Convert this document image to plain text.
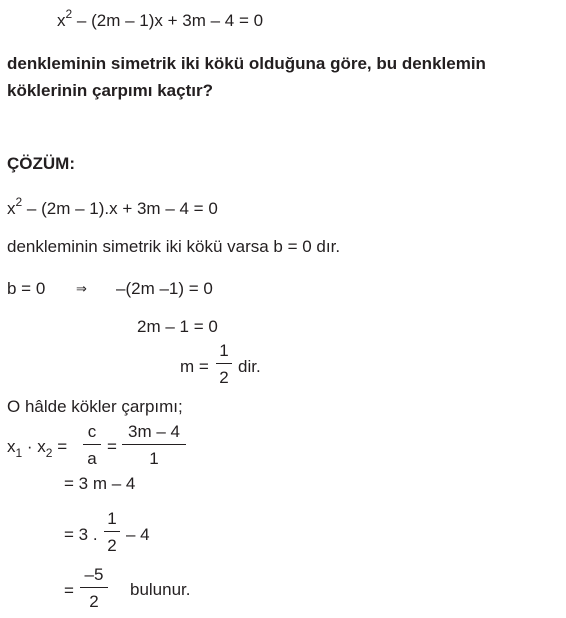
$x^2 - (2m - 1)x + 3m - 4 = 0$
denkleminin simetrik iki kökü olduğuna göre, bu denklemin
köklerinin çarpımı kaçtır?
ÇÖZÜM:
$x^2 - (2m - 1).x + 3m - 4 = 0$
denkleminin simetrik iki kökü varsa b = 0 dır.
b = 0 ⇒ –(2m –1) = 0
2m – 1 = 0
m =
1
2
dir.
O hâlde kökler çarpımı;
$x_1 \cdot x_2$ =
c
a
=
3m – 4
1
= 3 m – 4
= 3 .
1
2
– 4
=
–5
2
bulunur.
